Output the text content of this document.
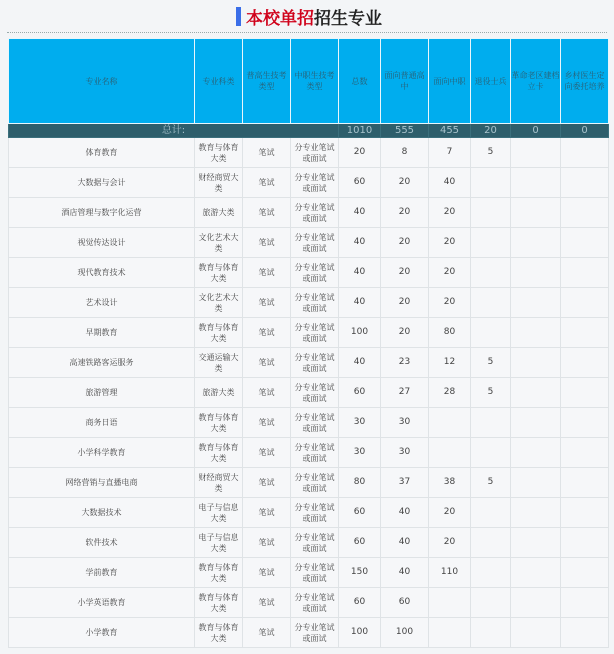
本校单招 招生专业
专业名称	专业科类	普高生技考类型	中职生技考类型	总数	面向普通高中	面向中职	退役士兵	革命老区建档立卡	乡村医生定向委托培养
总计:				1010	555	455	20	0	0
体育教育	教育与体育大类	笔试	分专业笔试或面试	20	8	7	5		
大数据与会计	财经商贸大类	笔试	分专业笔试或面试	60	20	40			
酒店管理与数字化运营	旅游大类	笔试	分专业笔试或面试	40	20	20			
视觉传达设计	文化艺术大类	笔试	分专业笔试或面试	40	20	20			
现代教育技术	教育与体育大类	笔试	分专业笔试或面试	40	20	20			
艺术设计	文化艺术大类	笔试	分专业笔试或面试	40	20	20			
早期教育	教育与体育大类	笔试	分专业笔试或面试	100	20	80			
高速铁路客运服务	交通运输大类	笔试	分专业笔试或面试	40	23	12	5		
旅游管理	旅游大类	笔试	分专业笔试或面试	60	27	28	5		
商务日语	教育与体育大类	笔试	分专业笔试或面试	30	30				
小学科学教育	教育与体育大类	笔试	分专业笔试或面试	30	30				
网络营销与直播电商	财经商贸大类	笔试	分专业笔试或面试	80	37	38	5		
大数据技术	电子与信息大类	笔试	分专业笔试或面试	60	40	20			
软件技术	电子与信息大类	笔试	分专业笔试或面试	60	40	20			
学前教育	教育与体育大类	笔试	分专业笔试或面试	150	40	110			
小学英语教育	教育与体育大类	笔试	分专业笔试或面试	60	60				
小学教育	教育与体育大类	笔试	分专业笔试或面试	100	100				
